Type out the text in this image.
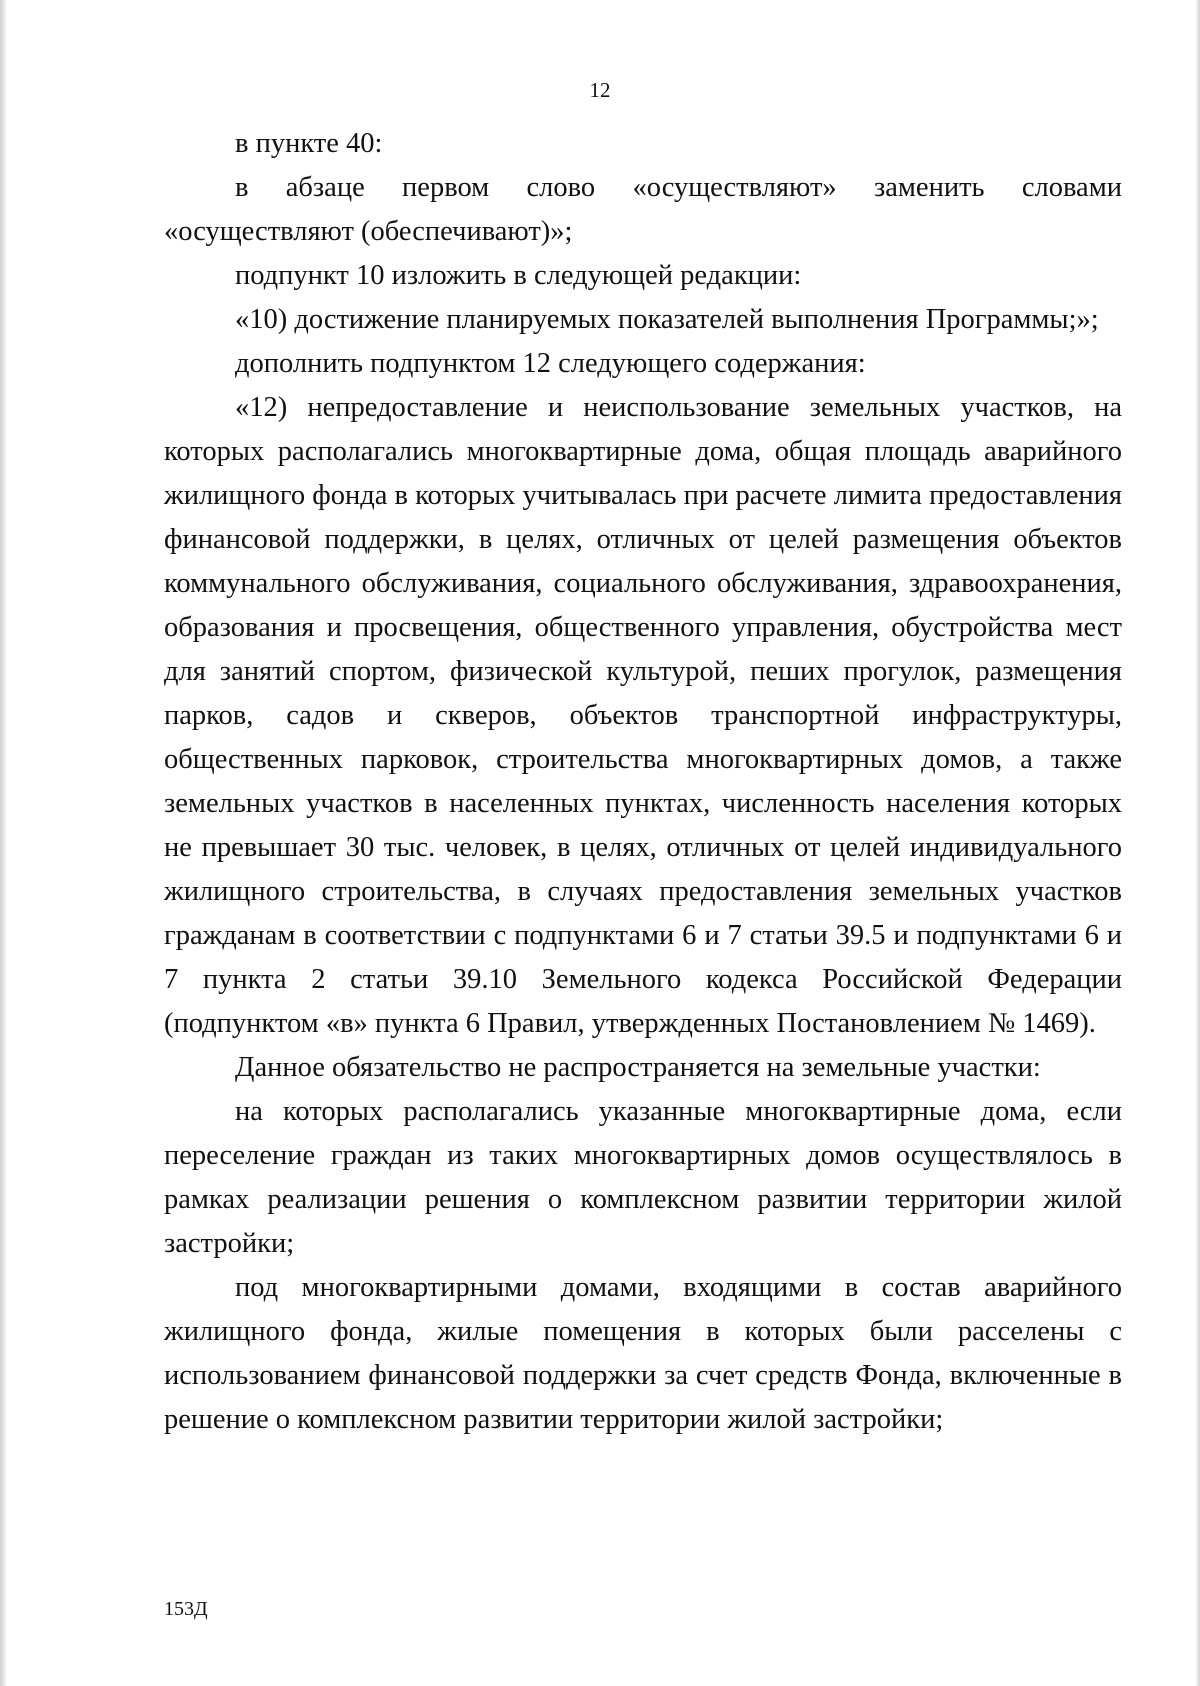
12

в пункте 40:

в абзаце первом слово «осуществляют» заменить словами «осуществляют (обеспечивают)»;

подпункт 10 изложить в следующей редакции:

«10) достижение планируемых показателей выполнения Программы;»;

дополнить подпунктом 12 следующего содержания:

«12) непредоставление и неиспользование земельных участков, на которых располагались многоквартирные дома, общая площадь аварийного жилищного фонда в которых учитывалась при расчете лимита предоставления финансовой поддержки, в целях, отличных от целей размещения объектов коммунального обслуживания, социального обслуживания, здравоохранения, образования и просвещения, общественного управления, обустройства мест для занятий спортом, физической культурой, пеших прогулок, размещения парков, садов и скверов, объектов транспортной инфраструктуры, общественных парковок, строительства многоквартирных домов, а также земельных участков в населенных пунктах, численность населения которых не превышает 30 тыс. человек, в целях, отличных от целей индивидуального жилищного строительства, в случаях предоставления земельных участков гражданам в соответствии с подпунктами 6 и 7 статьи 39.5 и подпунктами 6 и 7 пункта 2 статьи 39.10 Земельного кодекса Российской Федерации (подпунктом «в» пункта 6 Правил, утвержденных Постановлением № 1469).

Данное обязательство не распространяется на земельные участки:

на которых располагались указанные многоквартирные дома, если переселение граждан из таких многоквартирных домов осуществлялось в рамках реализации решения о комплексном развитии территории жилой застройки;

под многоквартирными домами, входящими в состав аварийного жилищного фонда, жилые помещения в которых были расселены с использованием финансовой поддержки за счет средств Фонда, включенные в решение о комплексном развитии территории жилой застройки;

153Д
